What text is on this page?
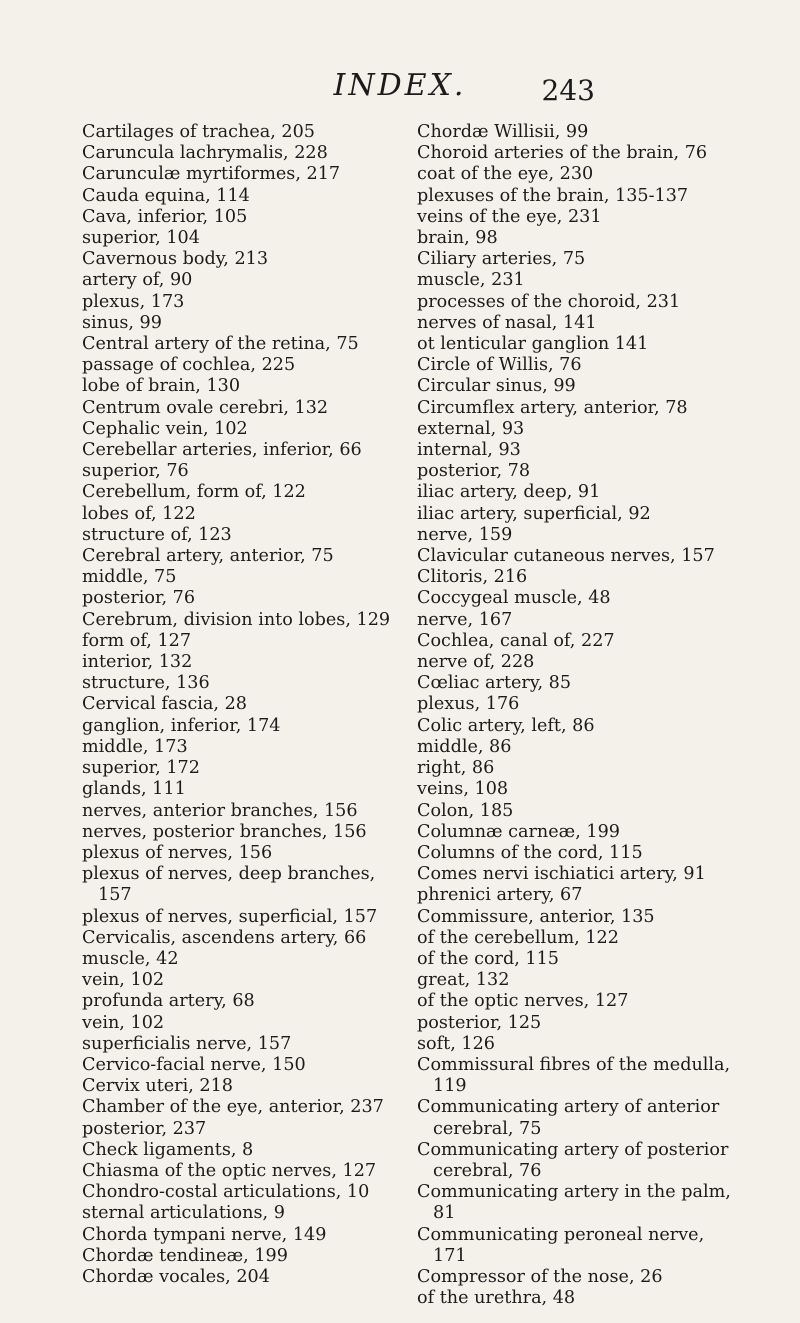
INDEX.	243
Cartilages of trachea, 205
Caruncula lachrymalis, 228
Carunculæ myrtiformes, 217
Cauda equina, 114
Cava, inferior, 105
superior, 104
Cavernous body, 213
artery of, 90
plexus, 173
sinus, 99
Central artery of the retina, 75
passage of cochlea, 225
lobe of brain, 130
Centrum ovale cerebri, 132
Cephalic vein, 102
Cerebellar arteries, inferior, 66
superior, 76
Cerebellum, form of, 122
lobes of, 122
structure of, 123
Cerebral artery, anterior, 75
middle, 75
posterior, 76
Cerebrum, division into lobes, 129
form of, 127
interior, 132
structure, 136
Cervical fascia, 28
ganglion, inferior, 174
middle, 173
superior, 172
glands, 111
nerves, anterior branches, 156
nerves, posterior branches, 156
plexus of nerves, 156
plexus of nerves, deep branches, 157
plexus of nerves, superficial, 157
Cervicalis, ascendens artery, 66
muscle, 42
vein, 102
profunda artery, 68
vein, 102
superficialis nerve, 157
Cervico-facial nerve, 150
Cervix uteri, 218
Chamber of the eye, anterior, 237
posterior, 237
Check ligaments, 8
Chiasma of the optic nerves, 127
Chondro-costal articulations, 10
sternal articulations, 9
Chorda tympani nerve, 149
Chordæ tendineæ, 199
Chordæ vocales, 204
Chordæ Willisii, 99
Choroid arteries of the brain, 76
coat of the eye, 230
plexuses of the brain, 135-137
veins of the eye, 231
brain, 98
Ciliary arteries, 75
muscle, 231
processes of the choroid, 231
nerves of nasal, 141
ot lenticular ganglion 141
Circle of Willis, 76
Circular sinus, 99
Circumflex artery, anterior, 78
external, 93
internal, 93
posterior, 78
iliac artery, deep, 91
iliac artery, superficial, 92
nerve, 159
Clavicular cutaneous nerves, 157
Clitoris, 216
Coccygeal muscle, 48
nerve, 167
Cochlea, canal of, 227
nerve of, 228
Cœliac artery, 85
plexus, 176
Colic artery, left, 86
middle, 86
right, 86
veins, 108
Colon, 185
Columnæ carneæ, 199
Columns of the cord, 115
Comes nervi ischiatici artery, 91
phrenici artery, 67
Commissure, anterior, 135
of the cerebellum, 122
of the cord, 115
great, 132
of the optic nerves, 127
posterior, 125
soft, 126
Commissural fibres of the medulla, 119
Communicating artery of anterior cerebral, 75
Communicating artery of posterior cerebral, 76
Communicating artery in the palm, 81
Communicating peroneal nerve, 171
Compressor of the nose, 26
of the urethra, 48
